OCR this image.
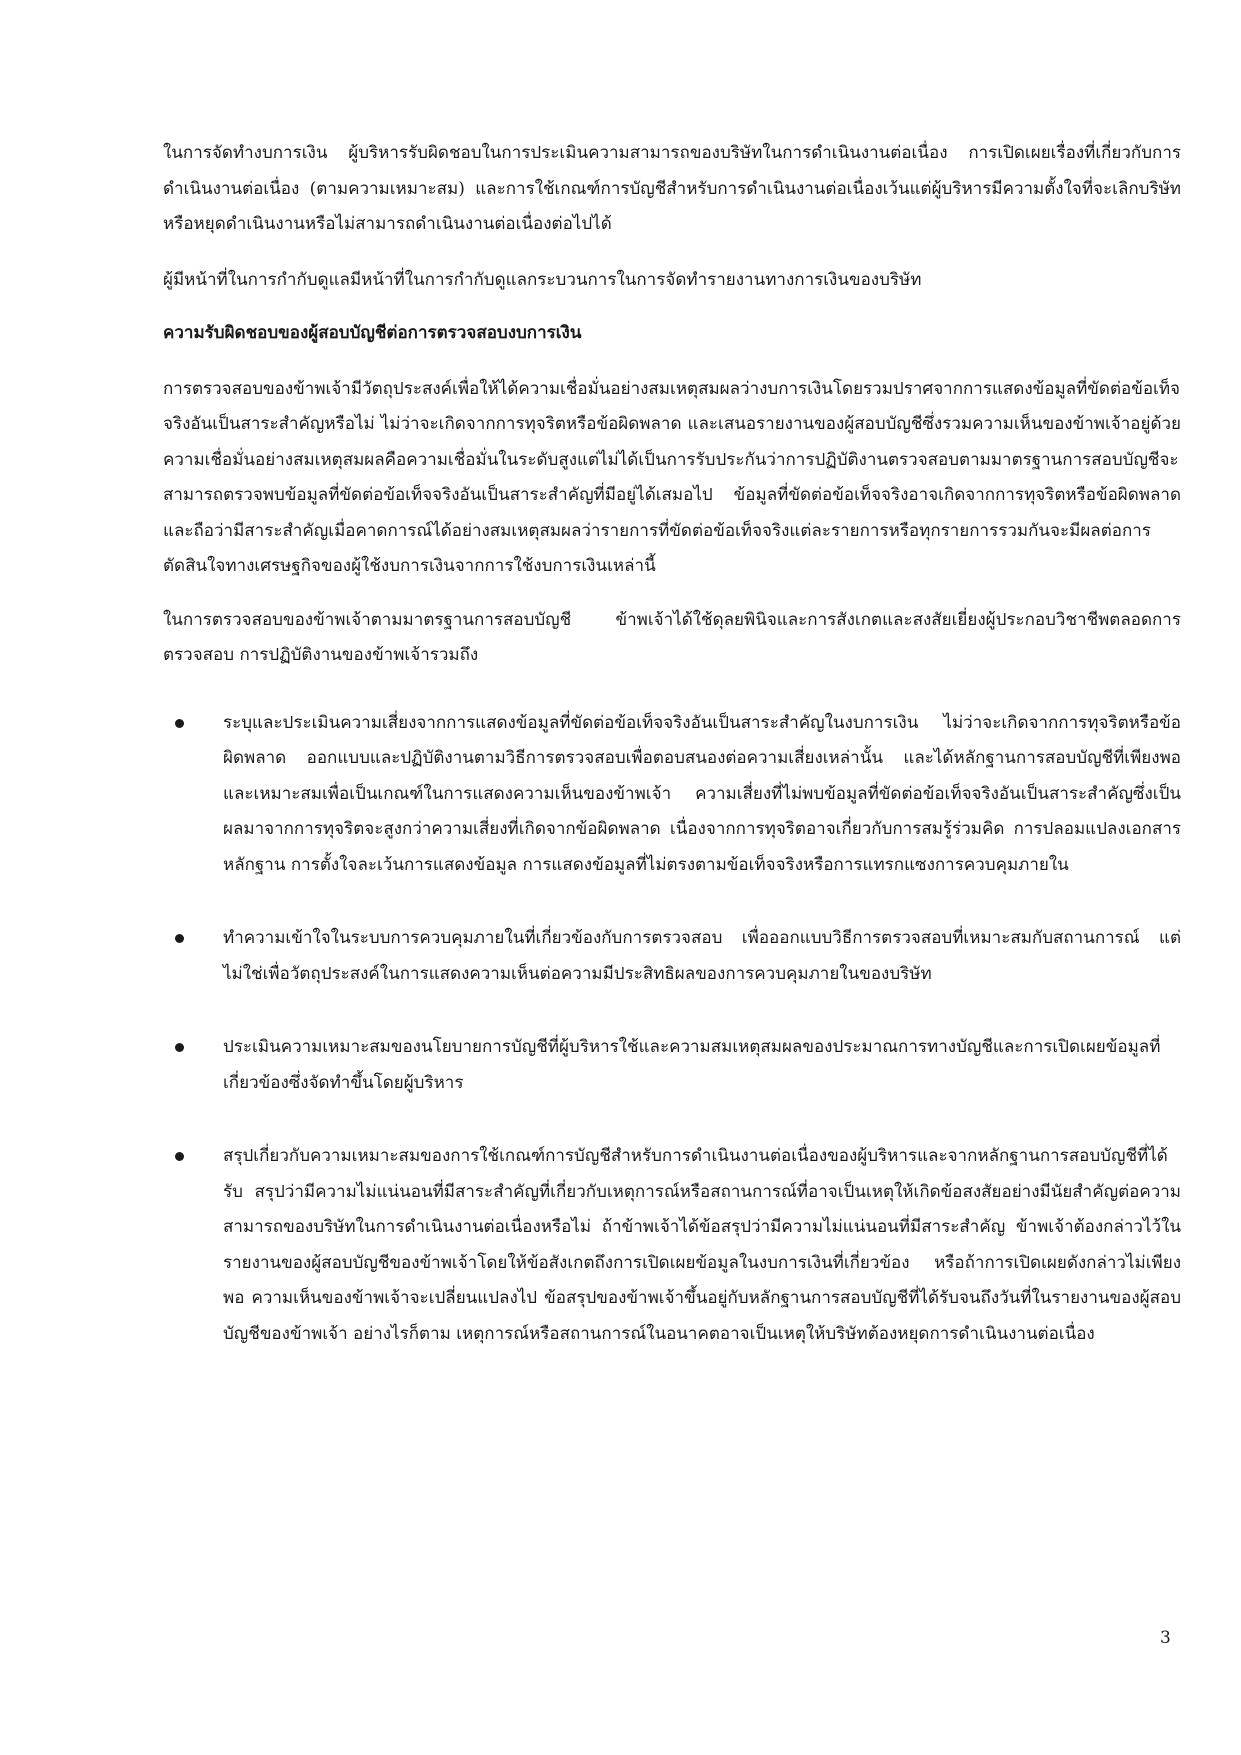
ในการจัดทำงบการเงิน ผู้บริหารรับผิดชอบในการประเมินความสามารถของบริษัทในการดำเนินงานต่อเนื่อง การเปิดเผยเรื่องที่เกี่ยวกับการดำเนินงานต่อเนื่อง (ตามความเหมาะสม) และการใช้เกณฑ์การบัญชีสำหรับการดำเนินงานต่อเนื่องเว้นแต่ผู้บริหารมีความตั้งใจที่จะเลิกบริษัทหรือหยุดดำเนินงานหรือไม่สามารถดำเนินงานต่อเนื่องต่อไปได้

ผู้มีหน้าที่ในการกำกับดูแลมีหน้าที่ในการกำกับดูแลกระบวนการในการจัดทำรายงานทางการเงินของบริษัท

ความรับผิดชอบของผู้สอบบัญชีต่อการตรวจสอบงบการเงิน

การตรวจสอบของข้าพเจ้ามีวัตถุประสงค์เพื่อให้ได้ความเชื่อมั่นอย่างสมเหตุสมผลว่างบการเงินโดยรวมปราศจากการแสดงข้อมูลที่ขัดต่อข้อเท็จจริงอันเป็นสาระสำคัญหรือไม่ ไม่ว่าจะเกิดจากการทุจริตหรือข้อผิดพลาด และเสนอรายงานของผู้สอบบัญชีซึ่งรวมความเห็นของข้าพเจ้าอยู่ด้วย ความเชื่อมั่นอย่างสมเหตุสมผลคือความเชื่อมั่นในระดับสูงแต่ไม่ได้เป็นการรับประกันว่าการปฏิบัติงานตรวจสอบตามมาตรฐานการสอบบัญชีจะสามารถตรวจพบข้อมูลที่ขัดต่อข้อเท็จจริงอันเป็นสาระสำคัญที่มีอยู่ได้เสมอไป ข้อมูลที่ขัดต่อข้อเท็จจริงอาจเกิดจากการทุจริตหรือข้อผิดพลาดและถือว่ามีสาระสำคัญเมื่อคาดการณ์ได้อย่างสมเหตุสมผลว่ารายการที่ขัดต่อข้อเท็จจริงแต่ละรายการหรือทุกรายการรวมกันจะมีผลต่อการตัดสินใจทางเศรษฐกิจของผู้ใช้งบการเงินจากการใช้งบการเงินเหล่านี้

ในการตรวจสอบของข้าพเจ้าตามมาตรฐานการสอบบัญชี ข้าพเจ้าได้ใช้ดุลยพินิจและการสังเกตและสงสัยเยี่ยงผู้ประกอบวิชาชีพตลอดการตรวจสอบ การปฏิบัติงานของข้าพเจ้ารวมถึง

ระบุและประเมินความเสี่ยงจากการแสดงข้อมูลที่ขัดต่อข้อเท็จจริงอันเป็นสาระสำคัญในงบการเงิน ไม่ว่าจะเกิดจากการทุจริตหรือข้อผิดพลาด ออกแบบและปฏิบัติงานตามวิธีการตรวจสอบเพื่อตอบสนองต่อความเสี่ยงเหล่านั้น และได้หลักฐานการสอบบัญชีที่เพียงพอและเหมาะสมเพื่อเป็นเกณฑ์ในการแสดงความเห็นของข้าพเจ้า ความเสี่ยงที่ไม่พบข้อมูลที่ขัดต่อข้อเท็จจริงอันเป็นสาระสำคัญซึ่งเป็นผลมาจากการทุจริตจะสูงกว่าความเสี่ยงที่เกิดจากข้อผิดพลาด เนื่องจากการทุจริตอาจเกี่ยวกับการสมรู้ร่วมคิด การปลอมแปลงเอกสารหลักฐาน การตั้งใจละเว้นการแสดงข้อมูล การแสดงข้อมูลที่ไม่ตรงตามข้อเท็จจริงหรือการแทรกแซงการควบคุมภายใน
ทำความเข้าใจในระบบการควบคุมภายในที่เกี่ยวข้องกับการตรวจสอบ เพื่อออกแบบวิธีการตรวจสอบที่เหมาะสมกับสถานการณ์ แต่ไม่ใช่เพื่อวัตถุประสงค์ในการแสดงความเห็นต่อความมีประสิทธิผลของการควบคุมภายในของบริษัท
ประเมินความเหมาะสมของนโยบายการบัญชีที่ผู้บริหารใช้และความสมเหตุสมผลของประมาณการทางบัญชีและการเปิดเผยข้อมูลที่เกี่ยวข้องซึ่งจัดทำขึ้นโดยผู้บริหาร
สรุปเกี่ยวกับความเหมาะสมของการใช้เกณฑ์การบัญชีสำหรับการดำเนินงานต่อเนื่องของผู้บริหารและจากหลักฐานการสอบบัญชีที่ได้รับ สรุปว่ามีความไม่แน่นอนที่มีสาระสำคัญที่เกี่ยวกับเหตุการณ์หรือสถานการณ์ที่อาจเป็นเหตุให้เกิดข้อสงสัยอย่างมีนัยสำคัญต่อความสามารถของบริษัทในการดำเนินงานต่อเนื่องหรือไม่ ถ้าข้าพเจ้าได้ข้อสรุปว่ามีความไม่แน่นอนที่มีสาระสำคัญ ข้าพเจ้าต้องกล่าวไว้ในรายงานของผู้สอบบัญชีของข้าพเจ้าโดยให้ข้อสังเกตถึงการเปิดเผยข้อมูลในงบการเงินที่เกี่ยวข้อง หรือถ้าการเปิดเผยดังกล่าวไม่เพียงพอ ความเห็นของข้าพเจ้าจะเปลี่ยนแปลงไป ข้อสรุปของข้าพเจ้าขึ้นอยู่กับหลักฐานการสอบบัญชีที่ได้รับจนถึงวันที่ในรายงานของผู้สอบบัญชีของข้าพเจ้า อย่างไรก็ตาม เหตุการณ์หรือสถานการณ์ในอนาคตอาจเป็นเหตุให้บริษัทต้องหยุดการดำเนินงานต่อเนื่อง
3
